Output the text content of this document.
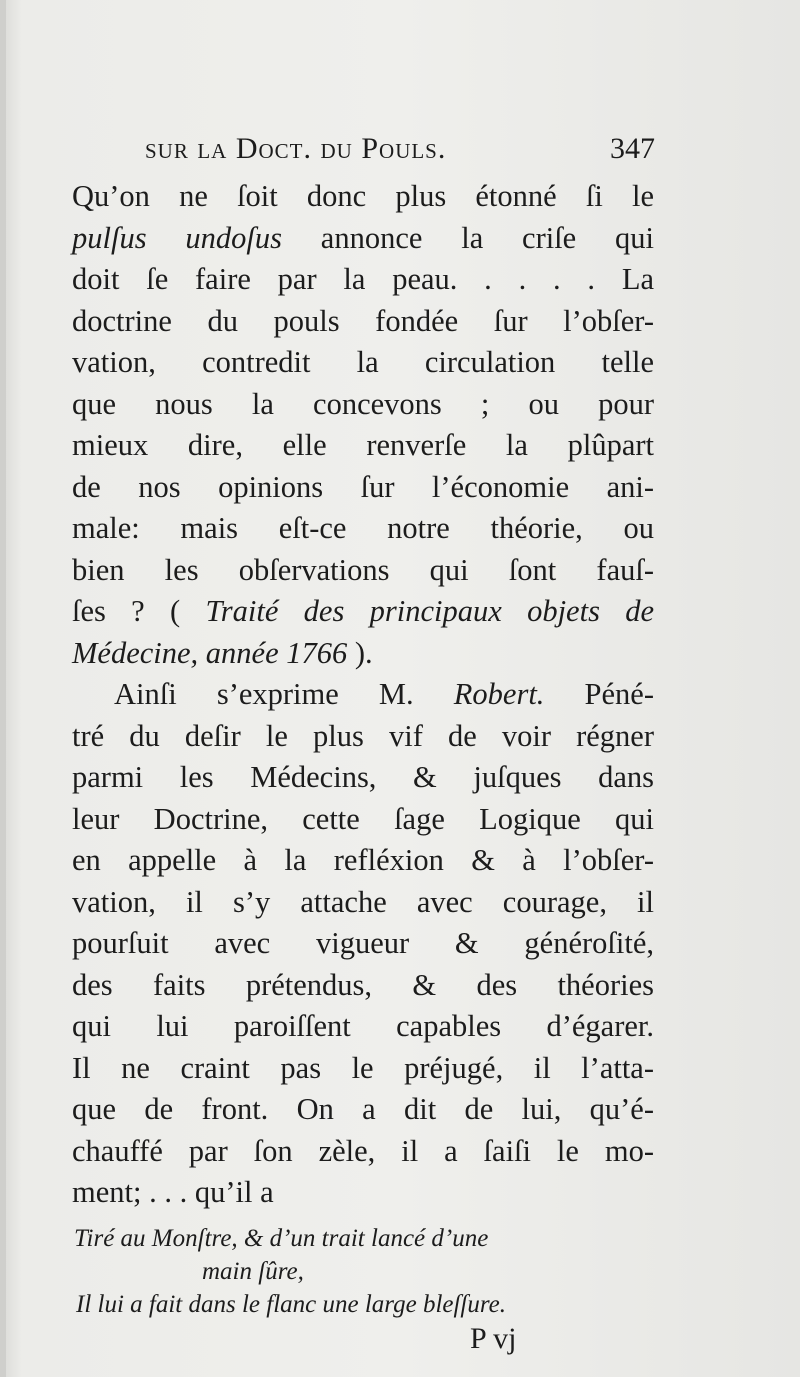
sur la Doct. du Pouls.	347
Qu’on ne ſoit donc plus étonné ſi le
pulſus undoſus annonce la criſe qui
doit ſe faire par la peau. . . . . La
doctrine du pouls fondée ſur l’obſer-
vation, contredit la circulation telle
que nous la concevons ; ou pour
mieux dire, elle renverſe la plûpart
de nos opinions ſur l’économie ani-
male: mais eſt-ce notre théorie, ou
bien les obſervations qui ſont fauſ-
ſes ? ( Traité des principaux objets de
Médecine, année 1766 ).
Ainſi s’exprime M. Robert. Péné-
tré du deſir le plus vif de voir régner
parmi les Médecins, & juſques dans
leur Doctrine, cette ſage Logique qui
en appelle à la refléxion & à l’obſer-
vation, il s’y attache avec courage, il
pourſuit avec vigueur & généroſité,
des faits prétendus, & des théories
qui lui paroiſſent capables d’égarer.
Il ne craint pas le préjugé, il l’atta-
que de front. On a dit de lui, qu’é-
chauffé par ſon zèle, il a ſaiſi le mo-
ment; . . . qu’il a
Tiré au Monſtre, & d’un trait lancé d’une
main ſûre,
Il lui a fait dans le flanc une large bleſſure.
P vj
